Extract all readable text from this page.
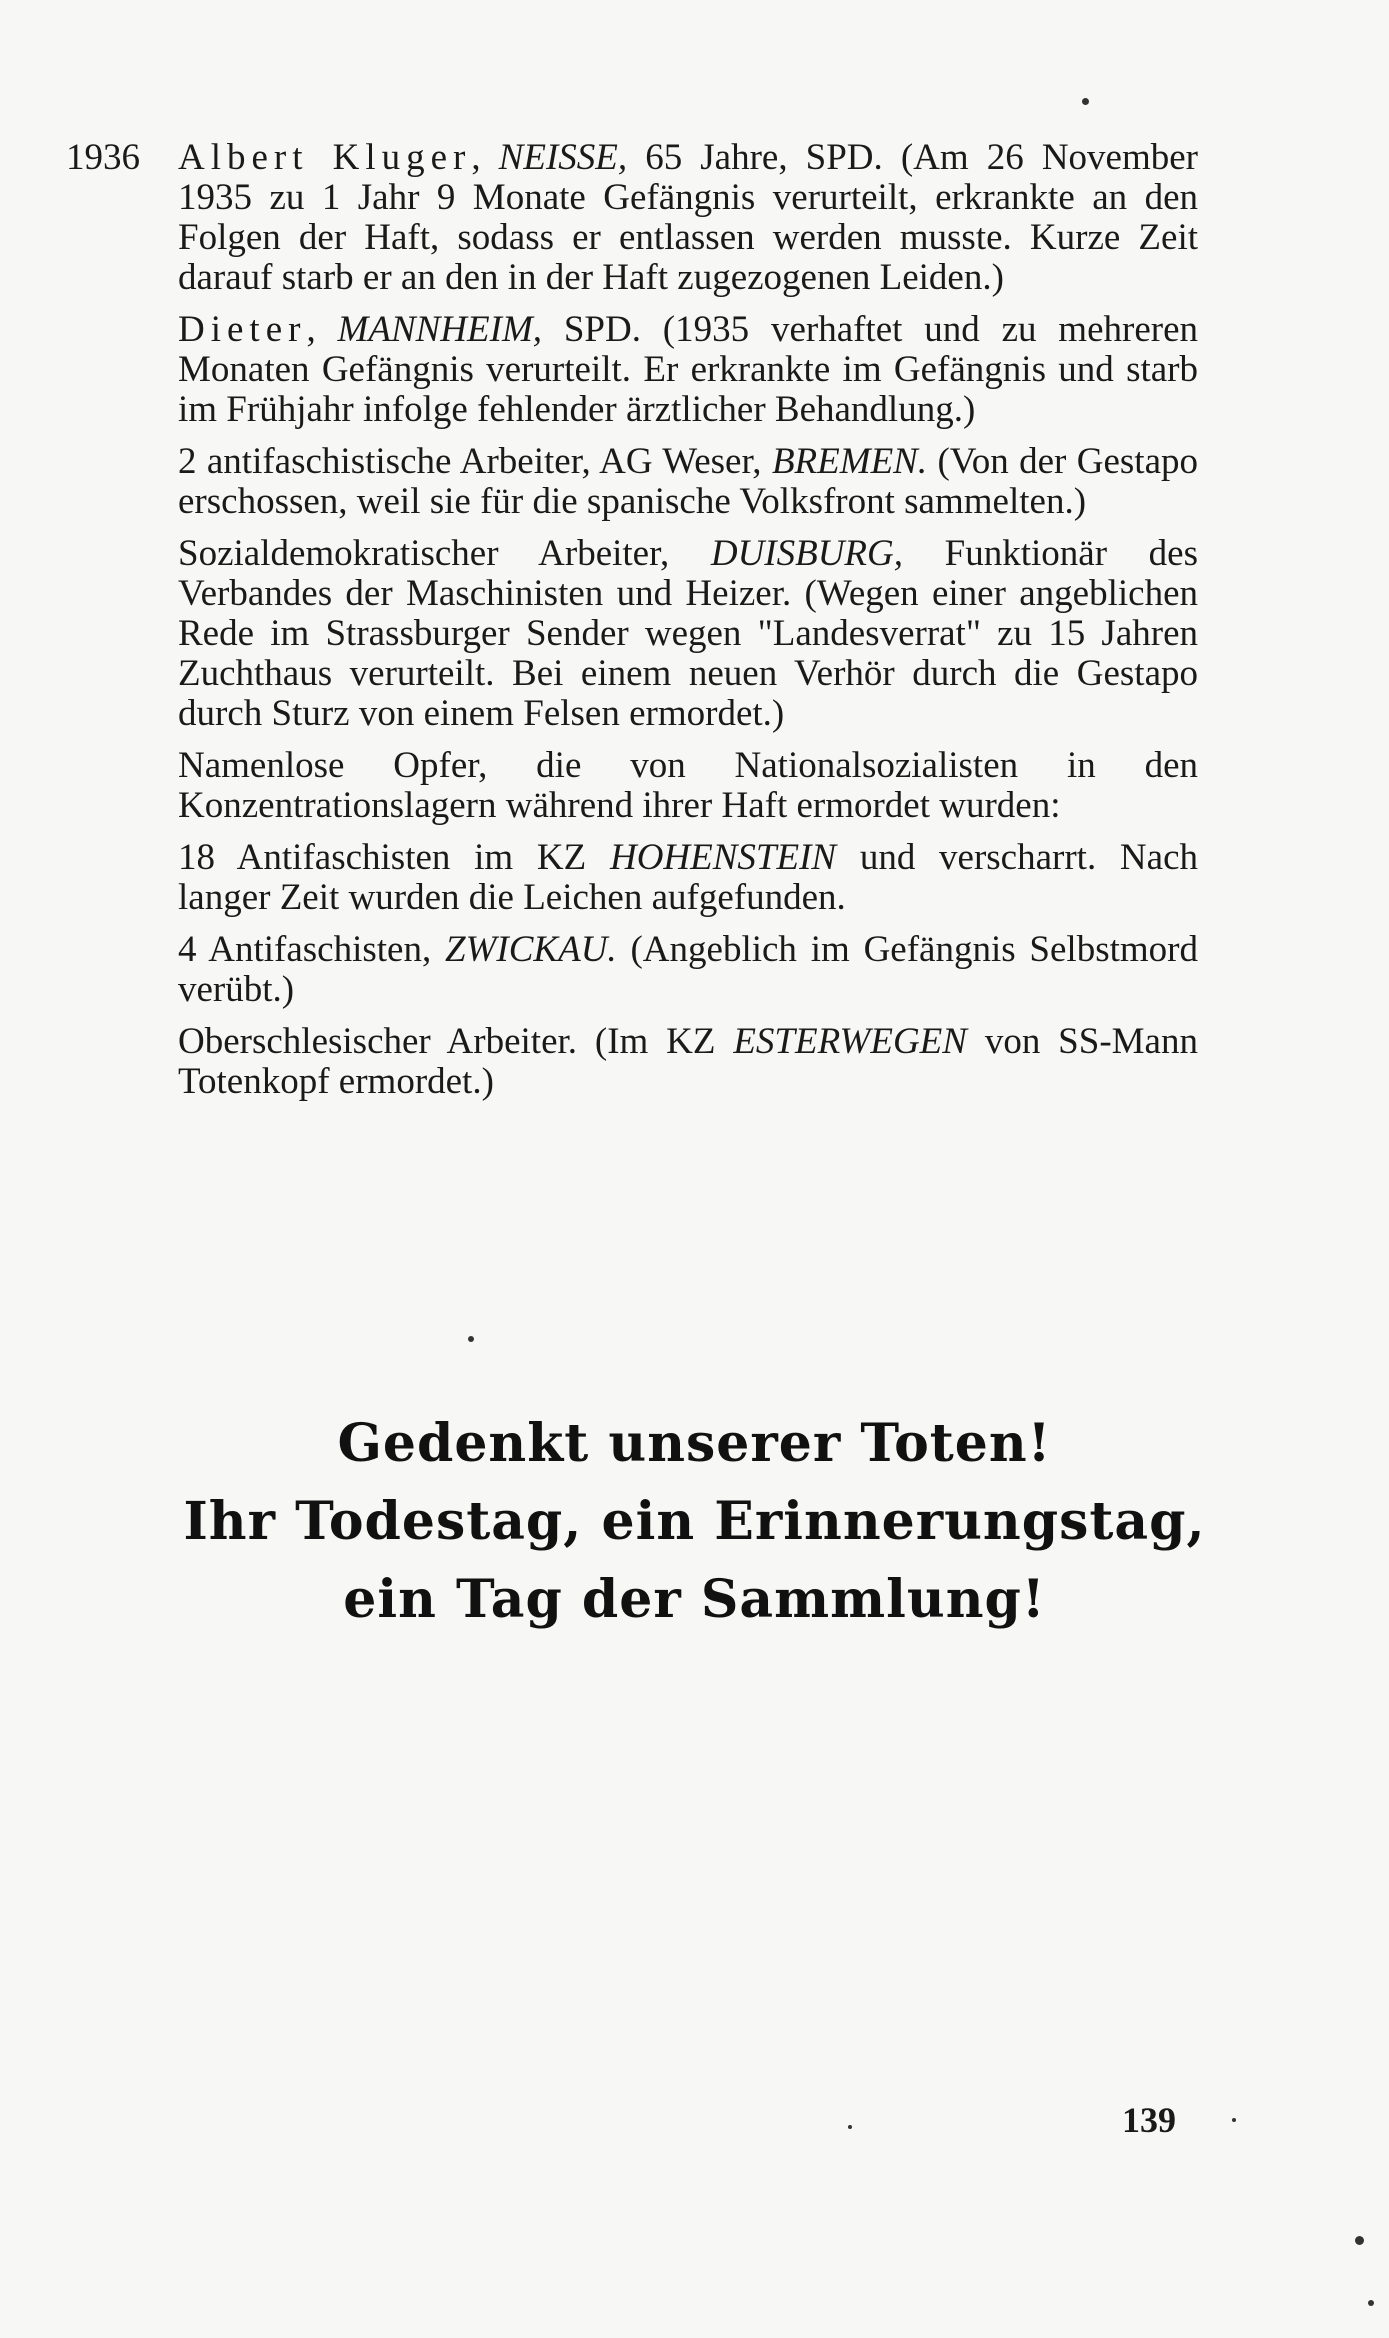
1936 Albert Kluger, NEISSE, 65 Jahre, SPD. (Am 26 November 1935 zu 1 Jahr 9 Monate Gefängnis verurteilt, erkrankte an den Folgen der Haft, sodass er entlassen werden musste. Kurze Zeit darauf starb er an den in der Haft zugezogenen Leiden.)

Dieter, MANNHEIM, SPD. (1935 verhaftet und zu mehreren Monaten Gefängnis verurteilt. Er erkrankte im Gefängnis und starb im Frühjahr infolge fehlender ärztlicher Behandlung.)

2 antifaschistische Arbeiter, AG Weser, BREMEN. (Von der Gestapo erschossen, weil sie für die spanische Volksfront sammelten.)

Sozialdemokratischer Arbeiter, DUISBURG, Funktionär des Verbandes der Maschinisten und Heizer. (Wegen einer angeblichen Rede im Strassburger Sender wegen "Landesverrat" zu 15 Jahren Zuchthaus verurteilt. Bei einem neuen Verhör durch die Gestapo durch Sturz von einem Felsen ermordet.)

Namenlose Opfer, die von Nationalsozialisten in den Konzentrationslagern während ihrer Haft ermordet wurden:

18 Antifaschisten im KZ HOHENSTEIN und verscharrt. Nach langer Zeit wurden die Leichen aufgefunden.

4 Antifaschisten, ZWICKAU. (Angeblich im Gefängnis Selbstmord verübt.)

Oberschlesischer Arbeiter. (Im KZ ESTERWEGEN von SS-Mann Totenkopf ermordet.)

Gedenkt unserer Toten!
Ihr Todestag, ein Erinnerungstag,
ein Tag der Sammlung!
139
